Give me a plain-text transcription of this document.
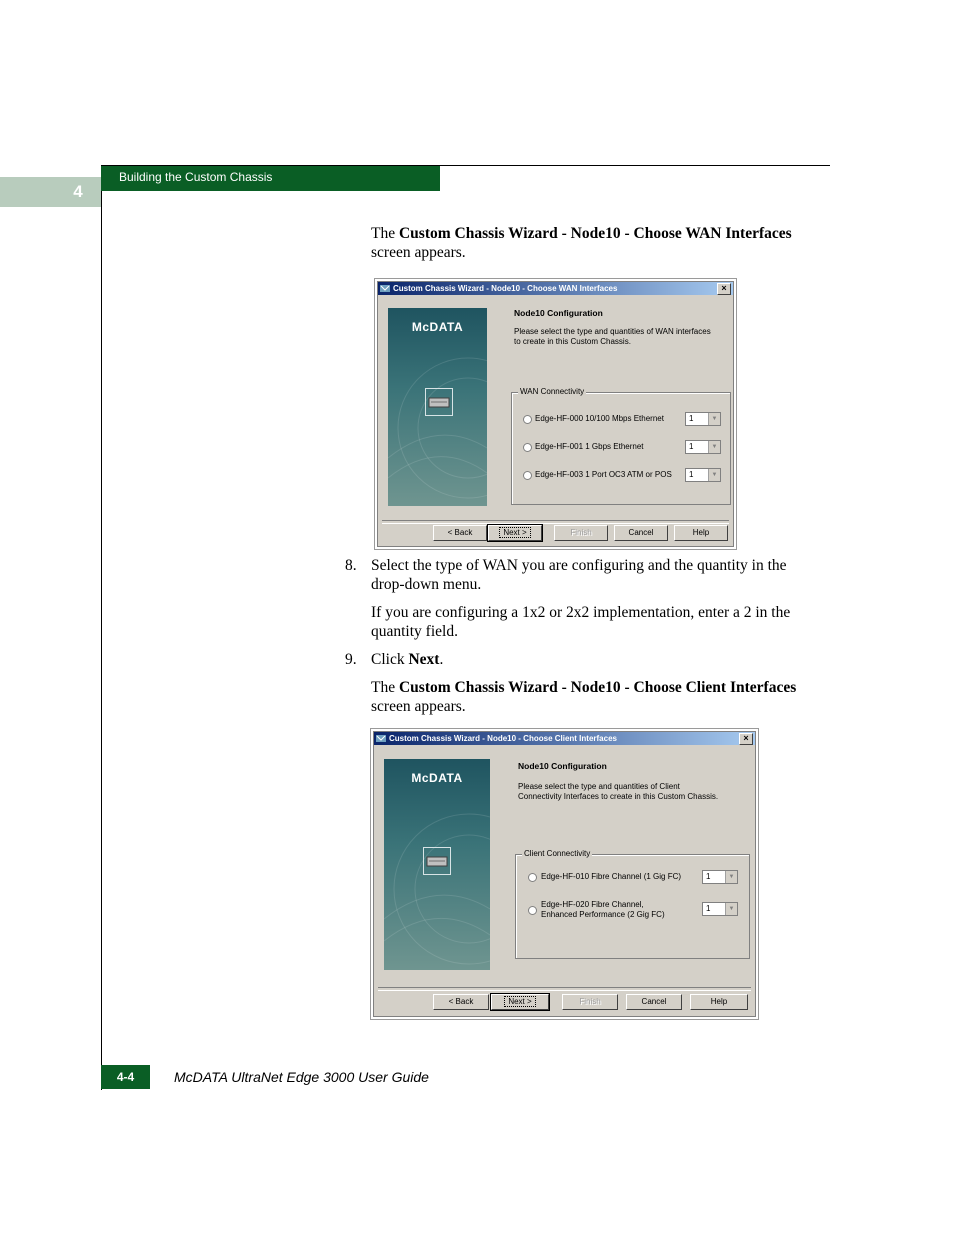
4
Building the Custom Chassis
The Custom Chassis Wizard - Node10 - Choose WAN Interfaces screen appears.
Custom Chassis Wizard - Node10 - Choose WAN Interfaces	×
McDATA
Node10 Configuration
Please select the type and quantities of WAN interfaces
to create in this Custom Chassis.
WAN Connectivity
Edge-HF-000 10/100 Mbps Ethernet	1	▼
Edge-HF-001 1 Gbps Ethernet	1	▼
Edge-HF-003 1 Port OC3 ATM or POS 1	▼
< Back	Next >	Finish	Cancel	Help
8. Select the type of WAN you are configuring and the quantity in the drop-down menu.
If you are configuring a 1x2 or 2x2 implementation, enter a 2 in the quantity field.
9. Click Next.
The Custom Chassis Wizard - Node10 - Choose Client Interfaces screen appears.
Custom Chassis Wizard - Node10 - Choose Client Interfaces	×
McDATA
Node10 Configuration
Please select the type and quantities of Client
Connectivity Interfaces to create in this Custom Chassis.
Client Connectivity
Edge-HF-010 Fibre Channel (1 Gig FC)	1	▼
Edge-HF-020 Fibre Channel,
Enhanced Performance (2 Gig FC)
1	▼
< Back	Next >	Finish	Cancel	Help
4-4	McDATA UltraNet Edge 3000 User Guide
